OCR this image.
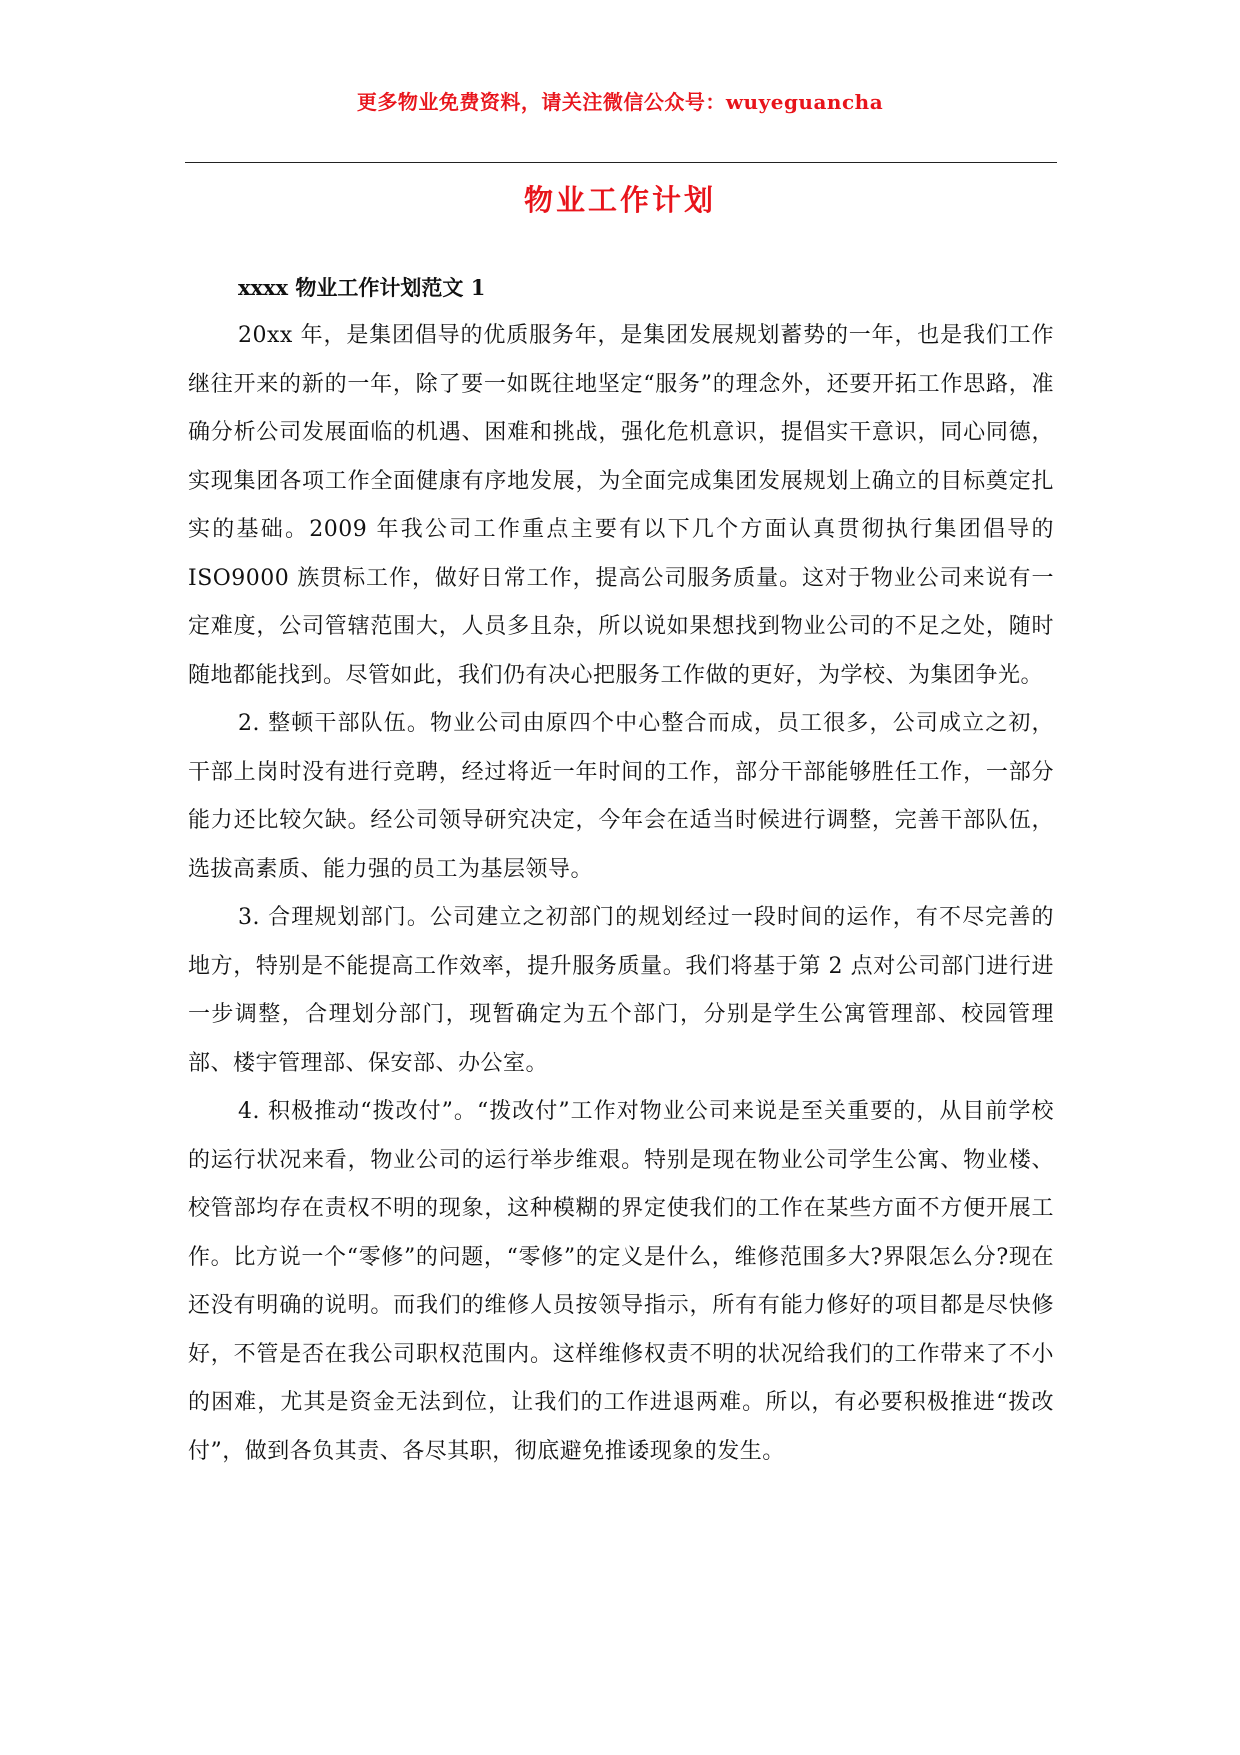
更多物业免费资料，请关注微信公众号：wuyeguancha
物业工作计划

xxxx 物业工作计划范文 1

20xx 年，是集团倡导的优质服务年，是集团发展规划蓄势的一年，也是我们工作继往开来的新的一年，除了要一如既往地坚定“服务”的理念外，还要开拓工作思路，准确分析公司发展面临的机遇、困难和挑战，强化危机意识，提倡实干意识，同心同德，实现集团各项工作全面健康有序地发展，为全面完成集团发展规划上确立的目标奠定扎实的基础。2009 年我公司工作重点主要有以下几个方面认真贯彻执行集团倡导的 ISO9000 族贯标工作，做好日常工作，提高公司服务质量。这对于物业公司来说有一定难度，公司管辖范围大，人员多且杂，所以说如果想找到物业公司的不足之处，随时随地都能找到。尽管如此，我们仍有决心把服务工作做的更好，为学校、为集团争光。

2. 整顿干部队伍。物业公司由原四个中心整合而成，员工很多，公司成立之初，干部上岗时没有进行竞聘，经过将近一年时间的工作，部分干部能够胜任工作，一部分能力还比较欠缺。经公司领导研究决定，今年会在适当时候进行调整，完善干部队伍，选拔高素质、能力强的员工为基层领导。

3. 合理规划部门。公司建立之初部门的规划经过一段时间的运作，有不尽完善的地方，特别是不能提高工作效率，提升服务质量。我们将基于第 2 点对公司部门进行进一步调整，合理划分部门，现暂确定为五个部门，分别是学生公寓管理部、校园管理部、楼宇管理部、保安部、办公室。

4. 积极推动“拨改付”。“拨改付”工作对物业公司来说是至关重要的，从目前学校的运行状况来看，物业公司的运行举步维艰。特别是现在物业公司学生公寓、物业楼、校管部均存在责权不明的现象，这种模糊的界定使我们的工作在某些方面不方便开展工作。比方说一个“零修”的问题，“零修”的定义是什么，维修范围多大?界限怎么分?现在还没有明确的说明。而我们的维修人员按领导指示，所有有能力修好的项目都是尽快修好，不管是否在我公司职权范围内。这样维修权责不明的状况给我们的工作带来了不小的困难，尤其是资金无法到位，让我们的工作进退两难。所以，有必要积极推进“拨改付”，做到各负其责、各尽其职，彻底避免推诿现象的发生。
